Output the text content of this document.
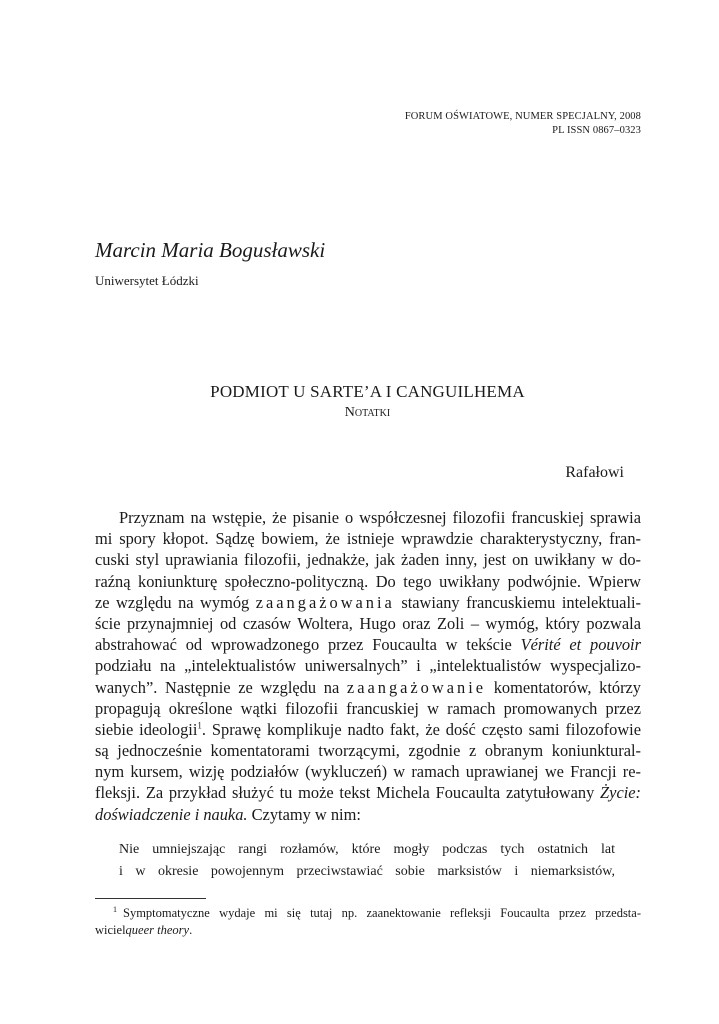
FORUM OŚWIATOWE, NUMER SPECJALNY, 2008
PL ISSN 0867–0323
Marcin Maria Bogusławski
Uniwersytet Łódzki
PODMIOT U SARTE’A I CANGUILHEMA
Notatki
Rafałowi
Przyznam na wstępie, że pisanie o współczesnej filozofii francuskiej sprawia
mi spory kłopot. Sądzę bowiem, że istnieje wprawdzie charakterystyczny, fran-
cuski styl uprawiania filozofii, jednakże, jak żaden inny, jest on uwikłany w do-
raźną koniunkturę społeczno-polityczną. Do tego uwikłany podwójnie. Wpierw
ze względu na wymóg zaangażowania stawiany francuskiemu intelektuali-
ście przynajmniej od czasów Woltera, Hugo oraz Zoli – wymóg, który pozwala
abstrahować od wprowadzonego przez Foucaulta w tekście Vérité et pouvoir
podziału na „intelektualistów uniwersalnych” i „intelektualistów wyspecjalizo-
wanych”. Następnie ze względu na zaangażowanie komentatorów, którzy
propagują określone wątki filozofii francuskiej w ramach promowanych przez
siebie ideologii$^1$. Sprawę komplikuje nadto fakt, że dość często sami filozofowie
są jednocześnie komentatorami tworzącymi, zgodnie z obranym koniunktural-
nym kursem, wizję podziałów (wykluczeń) w ramach uprawianej we Francji re-
fleksji. Za przykład służyć tu może tekst Michela Foucaulta zatytułowany Życie:
doświadczenie i nauka. Czytamy w nim:
Nie umniejszając rangi rozłamów, które mogły podczas tych ostatnich lat
i w okresie powojennym przeciwstawiać sobie marksistów i niemarksistów,
$^1$ Symptomatyczne wydaje mi się tutaj np. zaanektowanie refleksji Foucaulta przez przedsta-
wicielqueer theory.
